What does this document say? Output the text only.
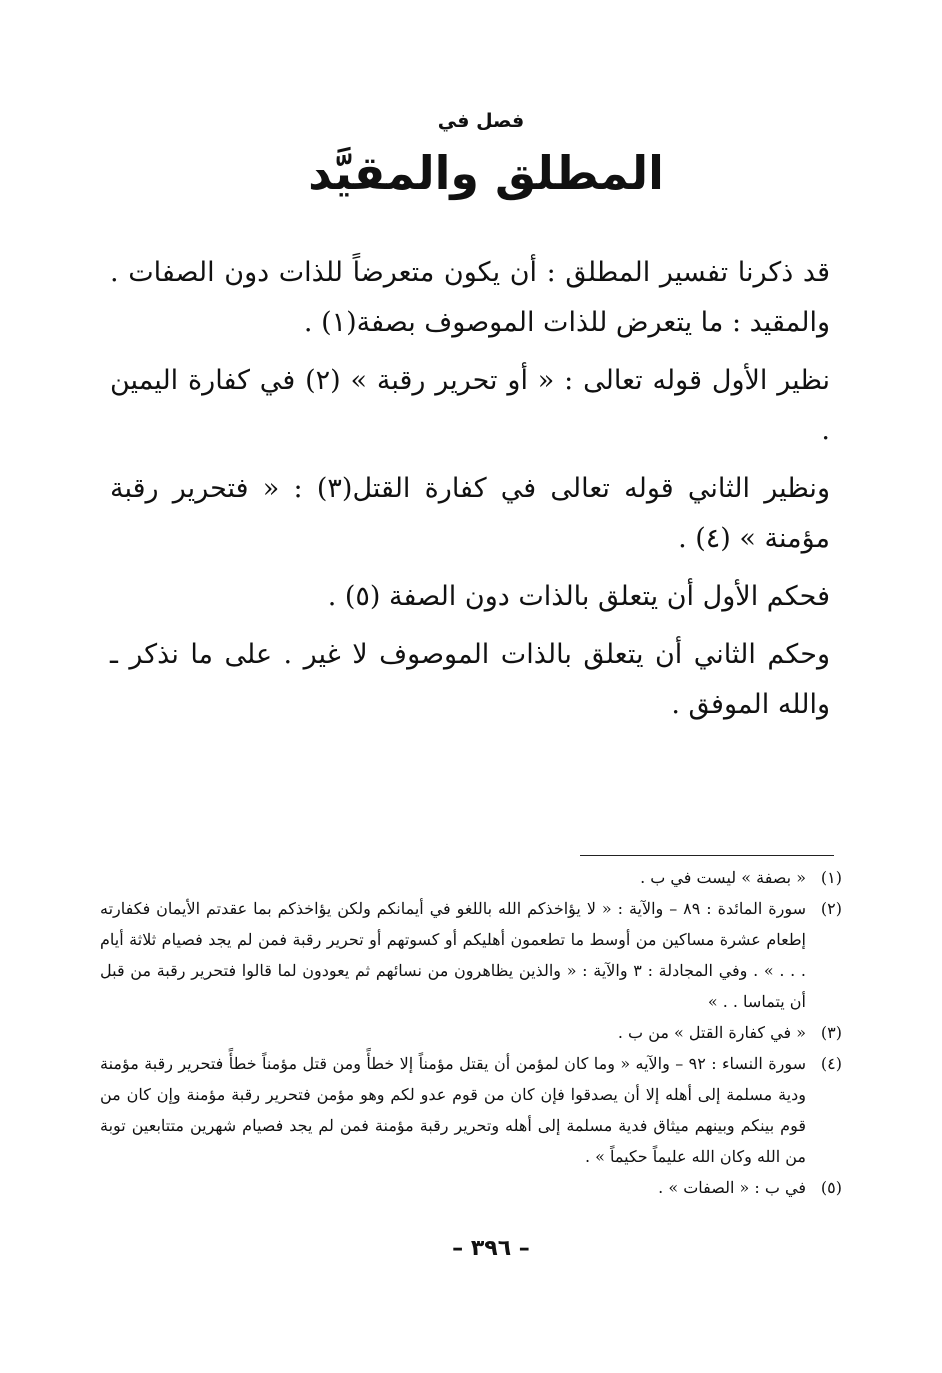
فصل في
المطلق والمقيَّد

قد ذكرنا تفسير المطلق : أن يكون متعرضاً للذات دون الصفات . والمقيد : ما يتعرض للذات الموصوف بصفة(١) .

نظير الأول قوله تعالى : « أو تحرير رقبة » (٢) في كفارة اليمين .

ونظير الثاني قوله تعالى في كفارة القتل(٣) : « فتحرير رقبة مؤمنة » (٤) .

فحكم الأول أن يتعلق بالذات دون الصفة (٥) .

وحكم الثاني أن يتعلق بالذات الموصوف لا غير . على ما نذكر ـ والله الموفق .

(١)
« بصفة » ليست في ب .

(٢)
سورة المائدة : ٨٩ – والآية : « لا يؤاخذكم الله باللغو في أيمانكم ولكن يؤاخذكم بما عقدتم الأيمان فكفارته إطعام عشرة مساكين من أوسط ما تطعمون أهليكم أو كسوتهم أو تحرير رقبة فمن لم يجد فصيام ثلاثة أيام . . . » . وفي المجادلة : ٣ والآية : « والذين يظاهرون من نسائهم ثم يعودون لما قالوا فتحرير رقبة من قبل أن يتماسا . . »

(٣)
« في كفارة القتل » من ب .

(٤)
سورة النساء : ٩٢ – والآيه « وما كان لمؤمن أن يقتل مؤمناً إلا خطأً ومن قتل مؤمناً خطأً فتحرير رقبة مؤمنة ودية مسلمة إلى أهله إلا أن يصدقوا فإن كان من قوم عدو لكم وهو مؤمن فتحرير رقبة مؤمنة وإن كان من قوم بينكم وبينهم ميثاق فدية مسلمة إلى أهله وتحرير رقبة مؤمنة فمن لم يجد فصيام شهرين متتابعين توبة من الله وكان الله عليماً حكيماً » .

(٥)
في ب : « الصفات » .

– ٣٩٦ –
